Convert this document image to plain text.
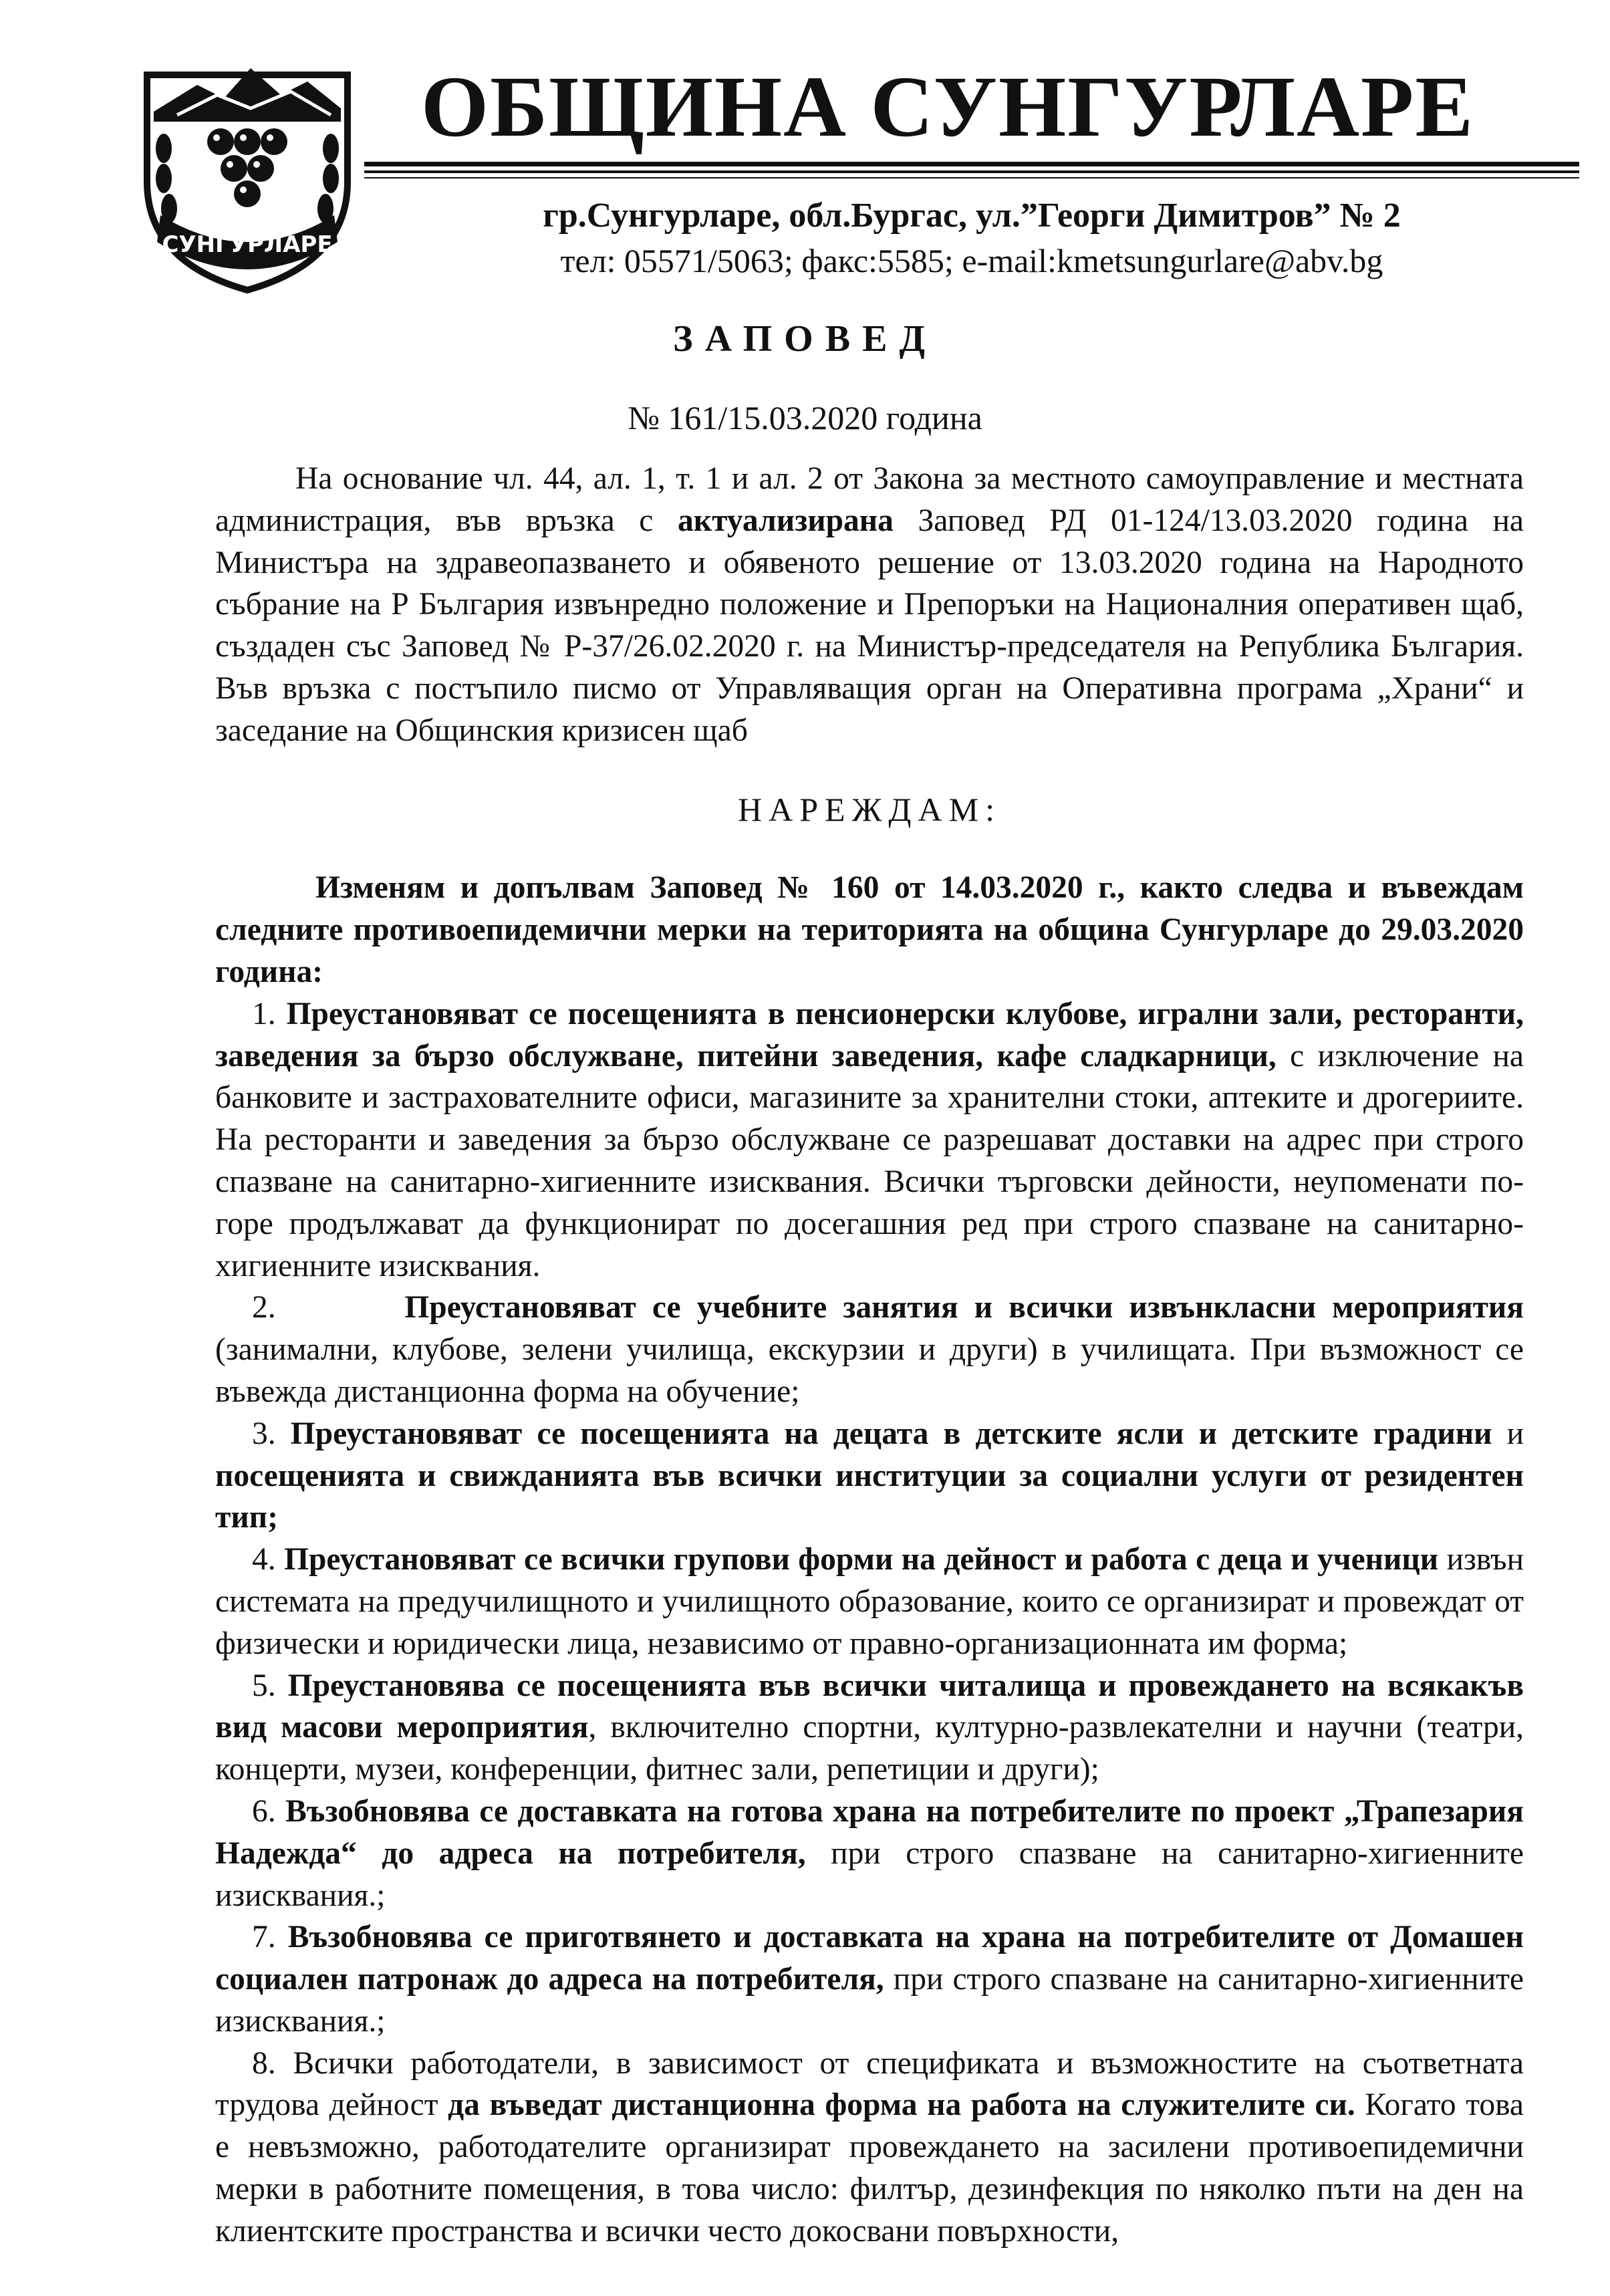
СУНГУРЛАРЕ
ОБЩИНА СУНГУРЛАРЕ
гр.Сунгурларе, обл.Бургас, ул.”Георги Димитров” № 2
тел: 05571/5063; факс:5585; e-mail:kmetsungurlare@abv.bg
ЗАПОВЕД
№ 161/15.03.2020 година

На основание чл. 44, ал. 1, т. 1 и ал. 2 от Закона за местното самоуправление и местната администрация, във връзка с актуализирана Заповед РД 01-124/13.03.2020 година на Министъра на здравеопазването и обявеното решение от 13.03.2020 година на Народното събрание на Р България извънредно положение и Препоръки на Националния оперативен щаб, създаден със Заповед № Р-37/26.02.2020 г. на Министър-председателя на Република България. Във връзка с постъпило писмо от Управляващия орган на Оперативна програма „Храни“ и заседание на Общинския кризисен щаб

НАРЕЖДАМ:

Изменям и допълвам Заповед № 160 от 14.03.2020 г., както следва и въвеждам следните противоепидемични мерки на територията на община Сунгурларе до 29.03.2020 година:

1. Преустановяват се посещенията в пенсионерски клубове, игрални зали, ресторанти, заведения за бързо обслужване, питейни заведения, кафе сладкарници, с изключение на банковите и застрахователните офиси, магазините за хранителни стоки, аптеките и дрогериите. На ресторанти и заведения за бързо обслужване се разрешават доставки на адрес при строго спазване на санитарно-хигиенните изисквания. Всички търговски дейности, неупоменати по-горе продължават да функционират по досегашния ред при строго спазване на санитарно-хигиенните изисквания.

2.	Преустановяват се учебните занятия и всички извънкласни мероприятия (занимални, клубове, зелени училища, екскурзии и други) в училищата. При възможност се въвежда дистанционна форма на обучение;

3. Преустановяват се посещенията на децата в детските ясли и детските градини и посещенията и свижданията във всички институции за социални услуги от резидентен тип;

4. Преустановяват се всички групови форми на дейност и работа с деца и ученици извън системата на предучилищното и училищното образование, които се организират и провеждат от физически и юридически лица, независимо от правно-организационната им форма;

5. Преустановява се посещенията във всички читалища и провеждането на всякакъв вид масови мероприятия, включително спортни, културно-развлекателни и научни (театри, концерти, музеи, конференции, фитнес зали, репетиции и други);

6. Възобновява се доставката на готова храна на потребителите по проект „Трапезария Надежда“ до адреса на потребителя, при строго спазване на санитарно-хигиенните изисквания.;

7. Възобновява се приготвянето и доставката на храна на потребителите от Домашен социален патронаж до адреса на потребителя, при строго спазване на санитарно-хигиенните изисквания.;

8. Всички работодатели, в зависимост от спецификата и възможностите на съответната трудова дейност да въведат дистанционна форма на работа на служителите си. Когато това е невъзможно, работодателите организират провеждането на засилени противоепидемични мерки в работните помещения, в това число: филтър, дезинфекция по няколко пъти на ден на клиентските пространства и всички често докосвани повърхности,
